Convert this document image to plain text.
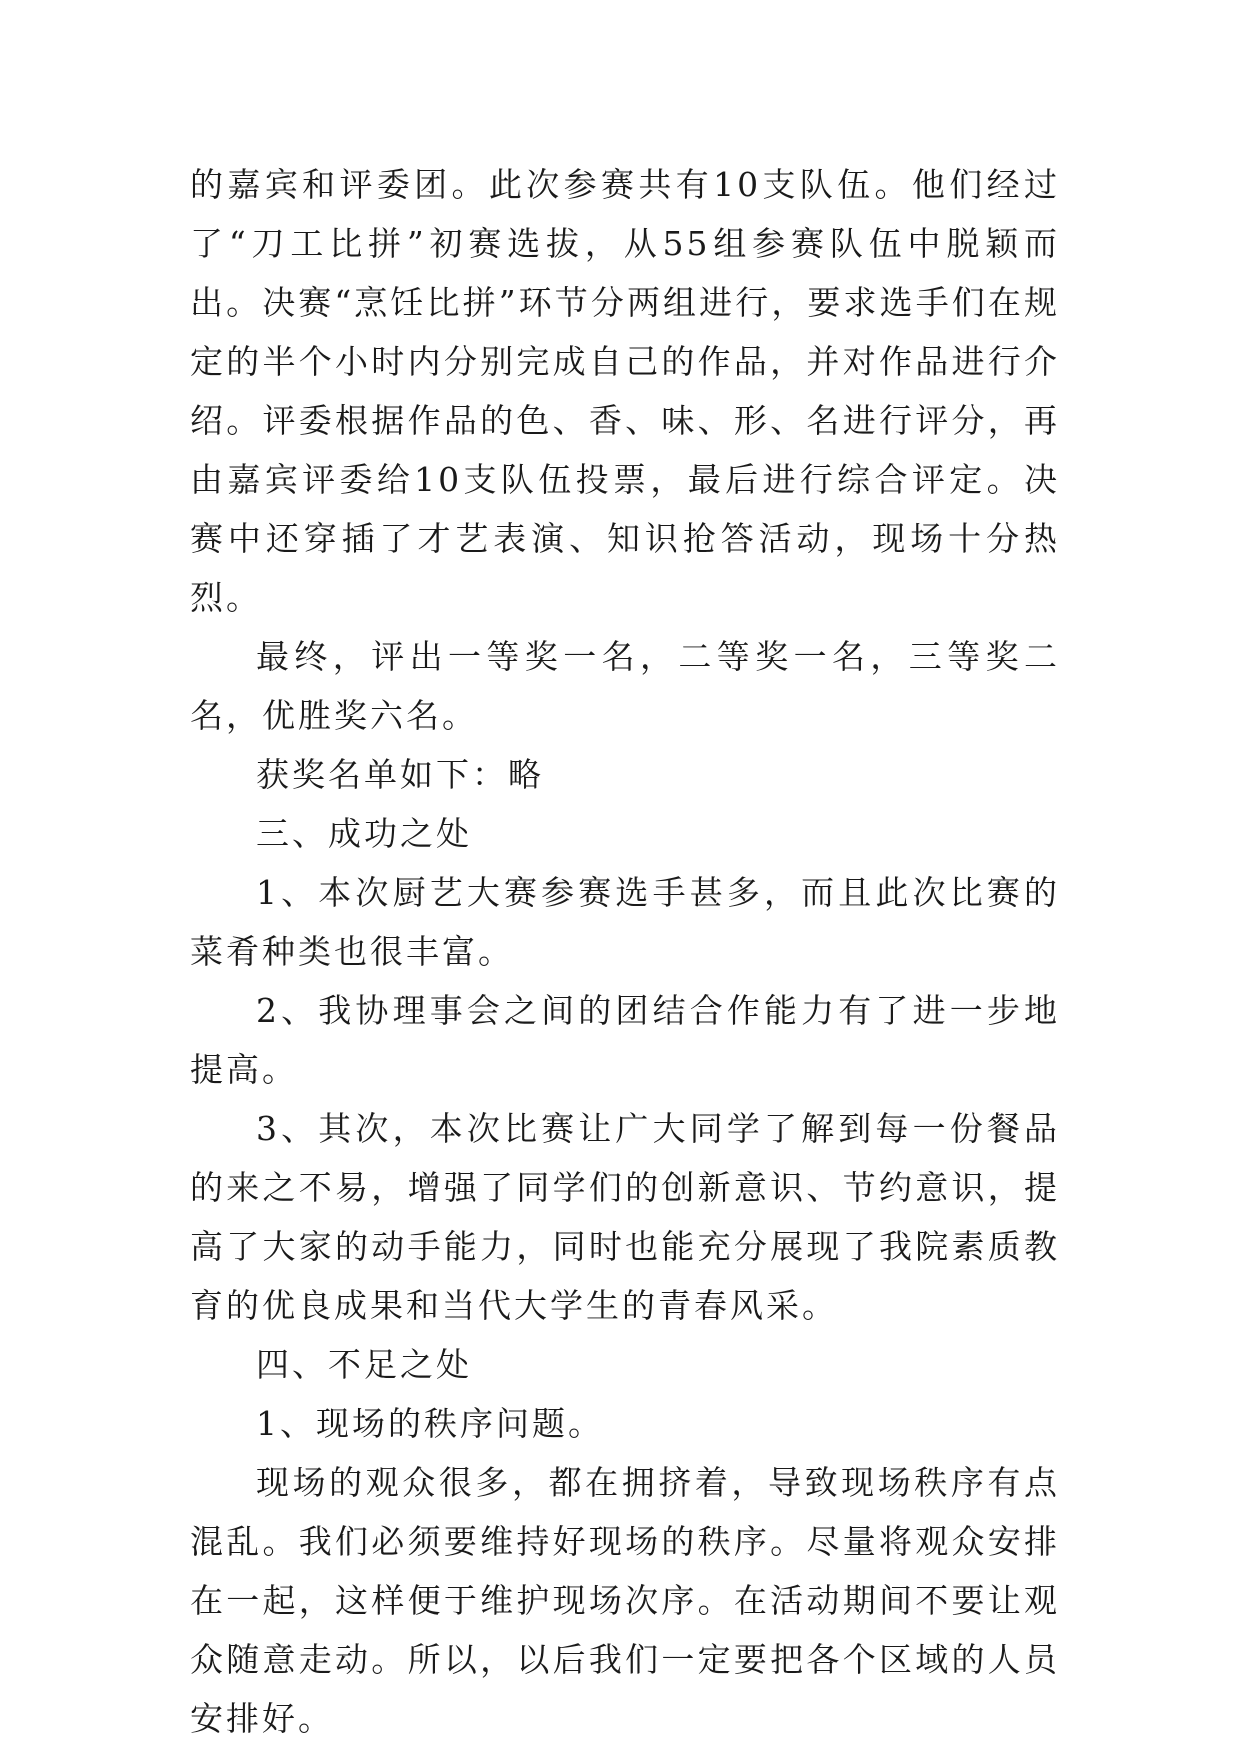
的嘉宾和评委团。此次参赛共有10支队伍。他们经过了“刀工比拼”初赛选拔，从55组参赛队伍中脱颖而出。决赛“烹饪比拼”环节分两组进行，要求选手们在规定的半个小时内分别完成自己的作品，并对作品进行介绍。评委根据作品的色、香、味、形、名进行评分，再由嘉宾评委给10支队伍投票，最后进行综合评定。决赛中还穿插了才艺表演、知识抢答活动，现场十分热烈。

最终，评出一等奖一名，二等奖一名，三等奖二名，优胜奖六名。

获奖名单如下：略

三、成功之处

1、本次厨艺大赛参赛选手甚多，而且此次比赛的菜肴种类也很丰富。

2、我协理事会之间的团结合作能力有了进一步地提高。

3、其次，本次比赛让广大同学了解到每一份餐品的来之不易，增强了同学们的创新意识、节约意识，提高了大家的动手能力，同时也能充分展现了我院素质教育的优良成果和当代大学生的青春风采。

四、不足之处

1、现场的秩序问题。

现场的观众很多，都在拥挤着，导致现场秩序有点混乱。我们必须要维持好现场的秩序。尽量将观众安排在一起，这样便于维护现场次序。在活动期间不要让观众随意走动。所以，以后我们一定要把各个区域的人员安排好。
